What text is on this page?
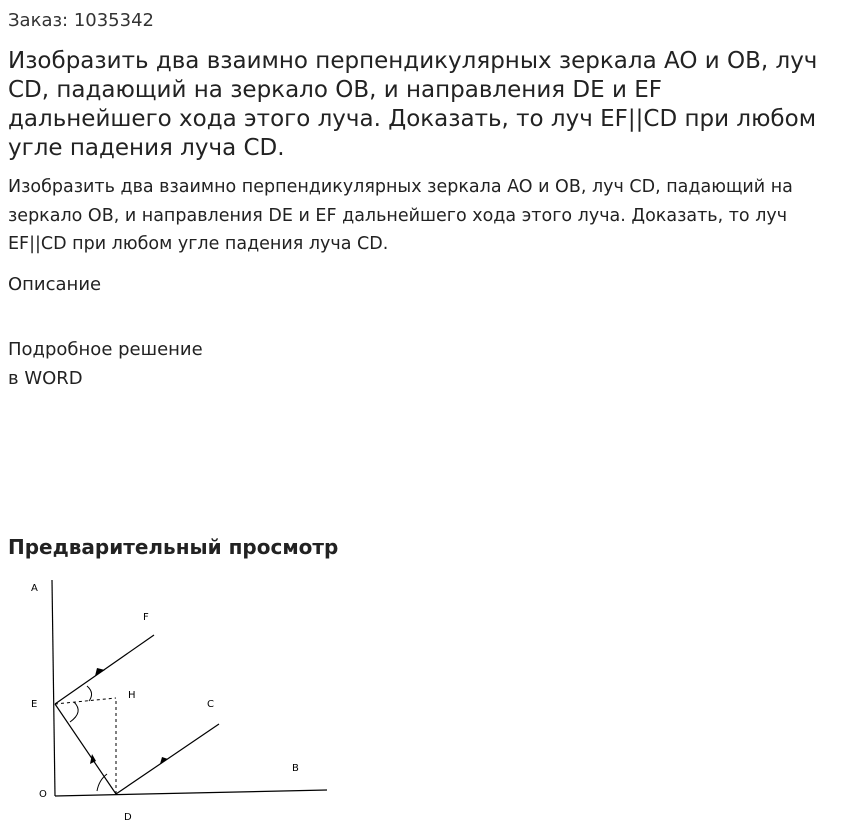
Заказ: 1035342
Изобразить два взаимно перпендикулярных зеркала AO и OB, луч CD, падающий на зеркало OB, и направления DE и EF дальнейшего хода этого луча. Доказать, то луч EF||CD при любом угле падения луча CD.

Изобразить два взаимно перпендикулярных зеркала AO и OB, луч CD, падающий на зеркало OB, и направления DE и EF дальнейшего хода этого луча. Доказать, то луч EF||CD при любом угле падения луча CD.

Описание
Подробное решение
в WORD
Предварительный просмотр
A
F
H
C
E
B
O
D
